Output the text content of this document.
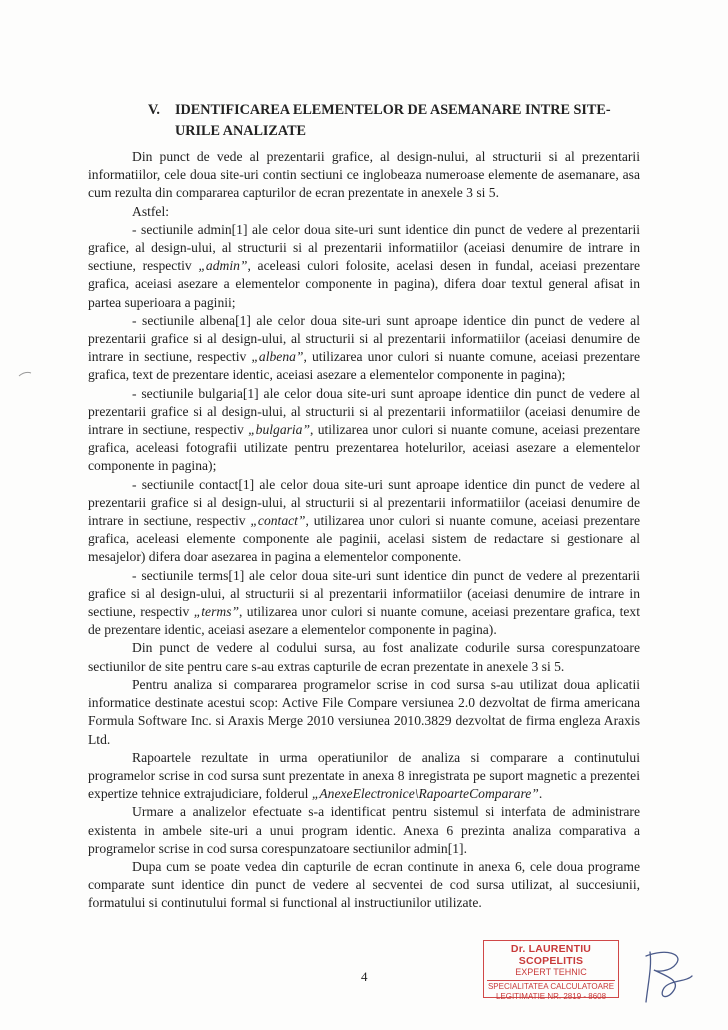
V. IDENTIFICAREA ELEMENTELOR DE ASEMANARE INTRE SITE-URILE ANALIZATE

Din punct de vede al prezentarii grafice, al design-nului, al structurii si al prezentarii informatiilor, cele doua site-uri contin sectiuni ce inglobeaza numeroase elemente de asemanare, asa cum rezulta din compararea capturilor de ecran prezentate in anexele 3 si 5.

Astfel:

- sectiunile admin[1] ale celor doua site-uri sunt identice din punct de vedere al prezentarii grafice, al design-ului, al structurii si al prezentarii informatiilor (aceiasi denumire de intrare in sectiune, respectiv „admin”, aceleasi culori folosite, acelasi desen in fundal, aceiasi prezentare grafica, aceiasi asezare a elementelor componente in pagina), difera doar textul general afisat in partea superioara a paginii;

- sectiunile albena[1] ale celor doua site-uri sunt aproape identice din punct de vedere al prezentarii grafice si al design-ului, al structurii si al prezentarii informatiilor (aceiasi denumire de intrare in sectiune, respectiv „albena”, utilizarea unor culori si nuante comune, aceiasi prezentare grafica, text de prezentare identic, aceiasi asezare a elementelor componente in pagina);

- sectiunile bulgaria[1] ale celor doua site-uri sunt aproape identice din punct de vedere al prezentarii grafice si al design-ului, al structurii si al prezentarii informatiilor (aceiasi denumire de intrare in sectiune, respectiv „bulgaria”, utilizarea unor culori si nuante comune, aceiasi prezentare grafica, aceleasi fotografii utilizate pentru prezentarea hotelurilor, aceiasi asezare a elementelor componente in pagina);

- sectiunile contact[1] ale celor doua site-uri sunt aproape identice din punct de vedere al prezentarii grafice si al design-ului, al structurii si al prezentarii informatiilor (aceiasi denumire de intrare in sectiune, respectiv „contact”, utilizarea unor culori si nuante comune, aceiasi prezentare grafica, aceleasi elemente componente ale paginii, acelasi sistem de redactare si gestionare al mesajelor) difera doar asezarea in pagina a elementelor componente.

- sectiunile terms[1] ale celor doua site-uri sunt identice din punct de vedere al prezentarii grafice si al design-ului, al structurii si al prezentarii informatiilor (aceiasi denumire de intrare in sectiune, respectiv „terms”, utilizarea unor culori si nuante comune, aceiasi prezentare grafica, text de prezentare identic, aceiasi asezare a elementelor componente in pagina).

Din punct de vedere al codului sursa, au fost analizate codurile sursa corespunzatoare sectiunilor de site pentru care s-au extras capturile de ecran prezentate in anexele 3 si 5.

Pentru analiza si compararea programelor scrise in cod sursa s-au utilizat doua aplicatii informatice destinate acestui scop: Active File Compare versiunea 2.0 dezvoltat de firma americana Formula Software Inc. si Araxis Merge 2010 versiunea 2010.3829 dezvoltat de firma engleza Araxis Ltd.

Rapoartele rezultate in urma operatiunilor de analiza si comparare a continutului programelor scrise in cod sursa sunt prezentate in anexa 8 inregistrata pe suport magnetic a prezentei expertize tehnice extrajudiciare, folderul „AnexeElectronice\RapoarteComparare”.

Urmare a analizelor efectuate s-a identificat pentru sistemul si interfata de administrare existenta in ambele site-uri a unui program identic. Anexa 6 prezinta analiza comparativa a programelor scrise in cod sursa corespunzatoare sectiunilor admin[1].

Dupa cum se poate vedea din capturile de ecran continute in anexa 6, cele doua programe comparate sunt identice din punct de vedere al secventei de cod sursa utilizat, al succesiunii, formatului si continutului formal si functional al instructiunilor utilizate.

4
Dr. LAURENTIU SCOPELITIS
EXPERT TEHNIC
SPECIALITATEA CALCULATOARE
LEGITIMATIE NR. 2819 - 8608
